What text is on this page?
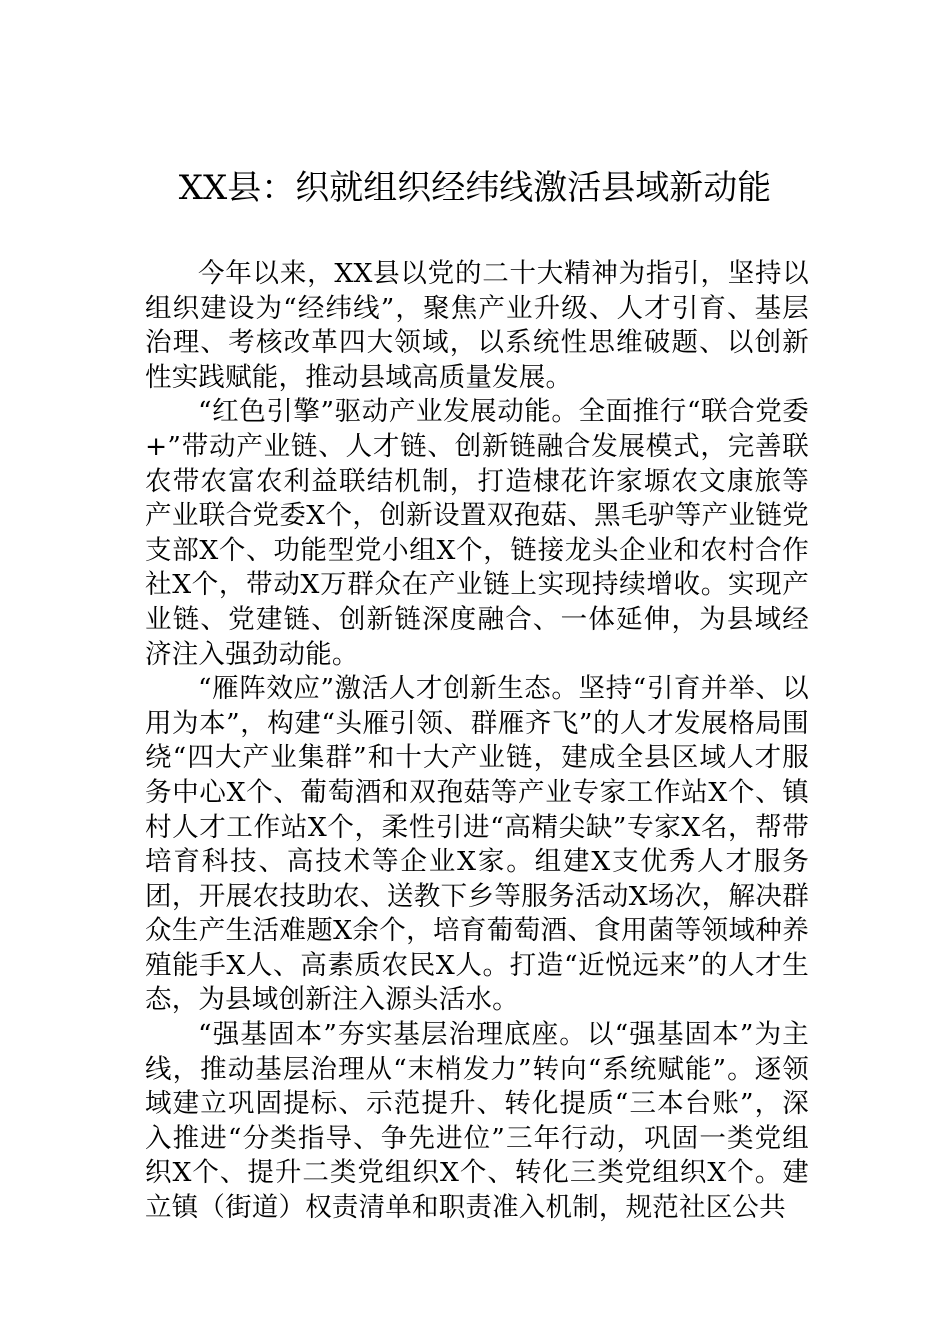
XX县：织就组织经纬线激活县域新动能

今年以来，XX县以党的二十大精神为指引，坚持以组织建设为“经纬线”，聚焦产业升级、人才引育、基层治理、考核改革四大领域，以系统性思维破题、以创新性实践赋能，推动县域高质量发展。

“红色引擎”驱动产业发展动能。全面推行“联合党委+”带动产业链、人才链、创新链融合发展模式，完善联农带农富农利益联结机制，打造棣花许家塬农文康旅等产业联合党委X个，创新设置双孢菇、黑毛驴等产业链党支部X个、功能型党小组X个，链接龙头企业和农村合作社X个，带动X万群众在产业链上实现持续增收。实现产业链、党建链、创新链深度融合、一体延伸，为县域经济注入强劲动能。

“雁阵效应”激活人才创新生态。坚持“引育并举、以用为本”，构建“头雁引领、群雁齐飞”的人才发展格局围绕“四大产业集群”和十大产业链，建成全县区域人才服务中心X个、葡萄酒和双孢菇等产业专家工作站X个、镇村人才工作站X个，柔性引进“高精尖缺”专家X名，帮带培育科技、高技术等企业X家。组建X支优秀人才服务团，开展农技助农、送教下乡等服务活动X场次，解决群众生产生活难题X余个，培育葡萄酒、食用菌等领域种养殖能手X人、高素质农民X人。打造“近悦远来”的人才生态，为县域创新注入源头活水。

“强基固本”夯实基层治理底座。以“强基固本”为主线，推动基层治理从“末梢发力”转向“系统赋能”。逐领域建立巩固提标、示范提升、转化提质“三本台账”，深入推进“分类指导、争先进位”三年行动，巩固一类党组织X个、提升二类党组织X个、转化三类党组织X个。建立镇（街道）权责清单和职责准入机制，规范社区公共
